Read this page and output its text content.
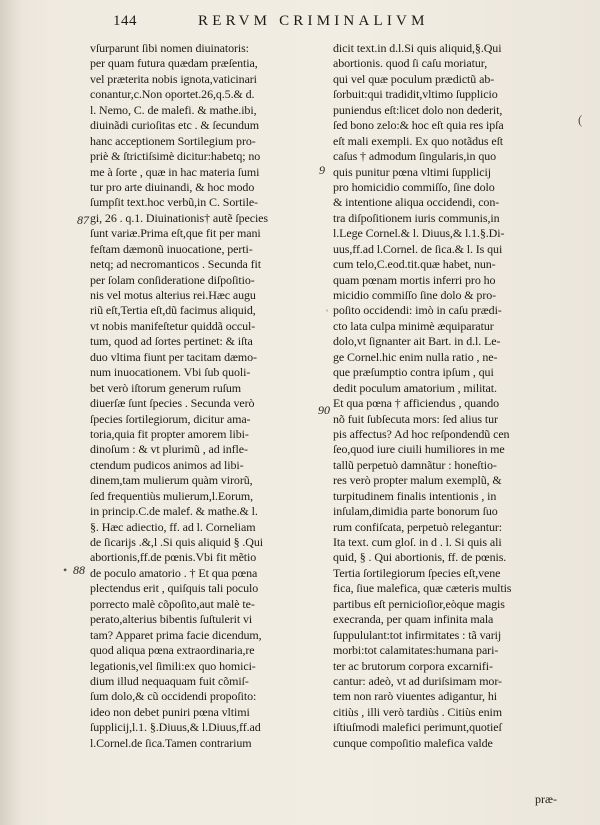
144	RERVM CRIMINALIVM
vſurparunt ſibi nomen diuinatoris:
per quam futura quædam præſentia,
vel præterita nobis ignota,vaticinari
conantur,c.Non oportet.26,q.5.& d.
l. Nemo, C. de malefi. & mathe.ibi,
diuinãdi curioſitas etc . & ſecundum
hanc acceptionem Sortilegium pro-
priè & ſtrictiſsimè dicitur:habetq; no
me à ſorte , quæ in hac materia ſumi
tur pro arte diuinandi, & hoc modo
ſumpſit text.hoc verbũ,in C. Sortile-
gi, 26 . q.1. Diuinationis† autẽ ſpecies
ſunt variæ.Prima eſt,que fit per mani
feſtam dæmonũ inuocatione, perti-
netq; ad necromanticos . Secunda fit
per ſolam conſideratione diſpoſitio-
nis vel motus alterius rei.Hæc augu
riũ eſt,Tertia eſt,dũ facimus aliquid,
vt nobis manifeſtetur quiddã occul-
tum, quod ad ſortes pertinet: & iſta
duo vltima fiunt per tacitam dæmo-
num inuocationem. Vbi ſub quoli-
bet verò iſtorum generum ruſum
diuerſæ ſunt ſpecies . Secunda verò
ſpecies ſortilegiorum, dicitur ama-
toria,quia fit propter amorem libi-
dinoſum : & vt plurimũ , ad infle-
ctendum pudicos animos ad libi-
dinem,tam mulierum quàm virorũ,
ſed frequentiùs mulierum,l.Eorum,
in princip.C.de malef. & mathe.& l.
§. Hæc adiectio, ff. ad l. Corneliam
de ſicarijs .&,l .Si quis aliquid § .Qui
abortionis,ff.de pœnis.Vbi fit mẽtio
de poculo amatorio . † Et qua pœna
plectendus erit , quiſquis tali poculo
porrecto malè cõpoſito,aut malè te-
perato,alterius bibentis ſuſtulerit vi
tam? Apparet prima facie dicendum,
quod aliqua pœna extraordinaria,re
legationis,vel ſimili:ex quo homici-
dium illud nequaquam fuit cõmiſ-
ſum dolo,& cũ occidendi propoſito:
ideo non debet puniri pœna vltimi
ſupplicij,l.1. §.Diuus,& l.Diuus,ff.ad
l.Cornel.de ſica.Tamen contrarium
dicit text.in d.l.Si quis aliquid,§.Qui
abortionis. quod ſi caſu moriatur,
qui vel quæ poculum prædictũ ab-
ſorbuit:qui tradidit,vltimo ſupplicio
puniendus eſt:licet dolo non dederit,
ſed bono zelo:& hoc eſt quia res ipſa
eſt mali exempli. Ex quo notãdus eſt
caſus † admodum ſingularis,in quo
quis punitur pœna vltimi ſupplicij
pro homicidio commiſſo, ſine dolo
& intentione aliqua occidendi, con-
tra diſpoſitionem iuris communis,in
l.Lege Cornel.& l. Diuus,& l.1.§.Di-
uus,ff.ad l.Cornel. de ſica.& l. Is qui
cum telo,C.eod.tit.quæ habet, nun-
quam pœnam mortis inferri pro ho
micidio commiſſo ſine dolo & pro-
poſito occidendi: imò in caſu prædi-
cto lata culpa minimè æquiparatur
dolo,vt ſignanter ait Bart. in d.l. Le-
ge Cornel.hic enim nulla ratio , ne-
que præſumptio contra ipſum , qui
dedit poculum amatorium , militat.
Et qua pœna † afficiendus , quando
nõ fuit ſubſecuta mors: ſed alius tur
pis affectus? Ad hoc reſpondendũ cen
ſeo,quod iure ciuili humiliores in me
tallũ perpetuò damnãtur : honeſtio-
res verò propter malum exemplũ, &
turpitudinem finalis intentionis , in
inſulam,dimidia parte bonorum ſuo
rum confiſcata, perpetuò relegantur:
Ita text. cum gloſ. in d . l. Si quis ali
quid, § . Qui abortionis, ff. de pœnis.
Tertia ſortilegiorum ſpecies eſt,vene
fica, ſiue malefica, quæ cæteris multis
partibus eſt pernicioſior,eòque magis
execranda, per quam infinita mala
ſuppululant:tot infirmitates : tã varij
morbi:tot calamitates:humana pari-
ter ac brutorum corpora excarnifi-
cantur: adeò, vt ad duriſsimam mor-
tem non rarò viuentes adigantur, hi
citiùs , illi verò tardiùs . Citiùs enim
iſtiuſmodi malefici perimunt,quotieſ
cunque compoſitio malefica valde
87
9
90
88
•
ˈ
(
præ-
